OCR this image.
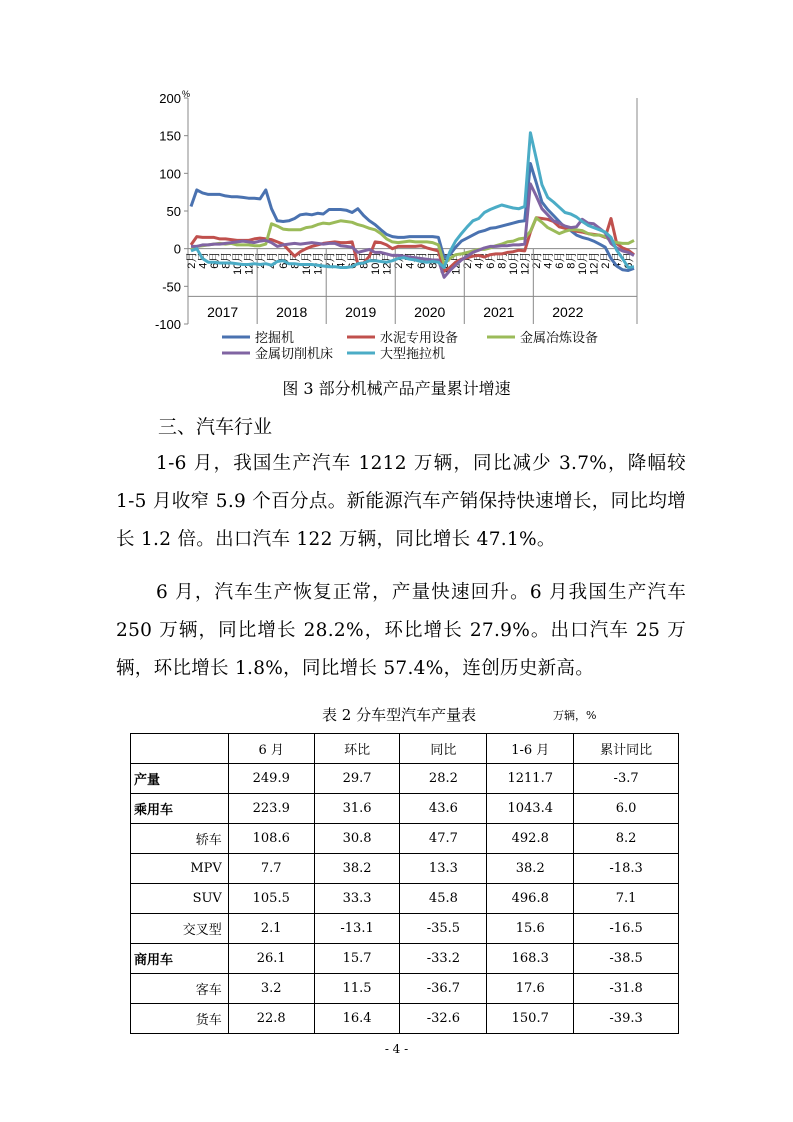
200
150
100
50
0
-50
-100
%
2月 4月 6月 8月 10月 12月 2月 4月 6月 8月 10月 12月 2月 4月 6月 8月 10月 12月 2月 4月 6月 8月 10月 12月 2月 4月 6月 8月 10月 12月 2月 4月 6月 8月 10月 12月 2月 4月 6月
2017	2018	2019	2020	2021	2022
挖掘机	水泥专用设备	金属冶炼设备
金属切削机床	大型拖拉机
图 3 部分机械产品产量累计增速
三、汽车行业
1-6 月，我国生产汽车 1212 万辆，同比减少 3.7%，降幅较 1-5 月收窄 5.9 个百分点。新能源汽车产销保持快速增长，同比均增长 1.2 倍。出口汽车 122 万辆，同比增长 47.1%。
6 月，汽车生产恢复正常，产量快速回升。6 月我国生产汽车 250 万辆，同比增长 28.2%，环比增长 27.9%。出口汽车 25 万辆，环比增长 1.8%，同比增长 57.4%，连创历史新高。
表 2 分车型汽车产量表	万辆，%
	6 月	环比	同比	1-6 月	累计同比
产量	249.9	29.7	28.2	1211.7	-3.7
乘用车	223.9	31.6	43.6	1043.4	6.0
轿车	108.6	30.8	47.7	492.8	8.2
MPV	7.7	38.2	13.3	38.2	-18.3
SUV	105.5	33.3	45.8	496.8	7.1
交叉型	2.1	-13.1	-35.5	15.6	-16.5
商用车	26.1	15.7	-33.2	168.3	-38.5
客车	3.2	11.5	-36.7	17.6	-31.8
货车	22.8	16.4	-32.6	150.7	-39.3
- 4 -
